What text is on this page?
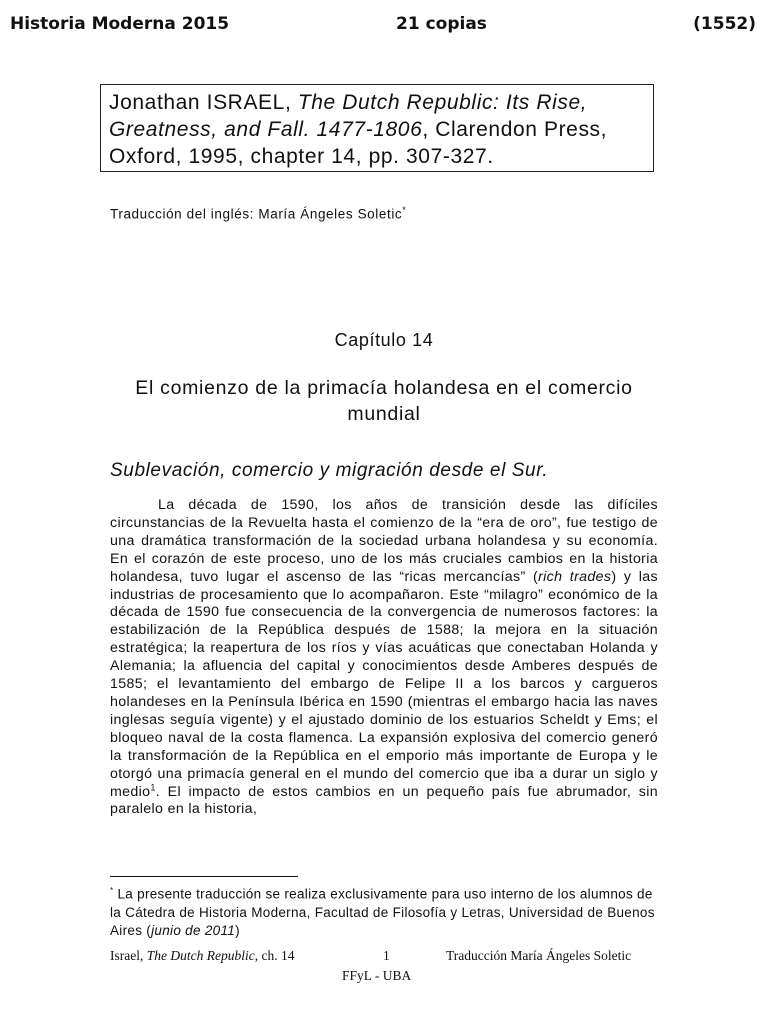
Historia Moderna 2015	21 copias	(1552)
Jonathan ISRAEL, The Dutch Republic: Its Rise, Greatness, and Fall. 1477-1806, Clarendon Press, Oxford, 1995, chapter 14, pp. 307-327.
Traducción del inglés: María Ángeles Soletic*
Capítulo 14
El comienzo de la primacía holandesa en el comercio mundial
Sublevación, comercio y migración desde el Sur.
La década de 1590, los años de transición desde las difíciles circunstancias de la Revuelta hasta el comienzo de la “era de oro”, fue testigo de una dramática transformación de la sociedad urbana holandesa y su economía. En el corazón de este proceso, uno de los más cruciales cambios en la historia holandesa, tuvo lugar el ascenso de las “ricas mercancías” (rich trades) y las industrias de procesamiento que lo acompañaron. Este “milagro” económico de la década de 1590 fue consecuencia de la convergencia de numerosos factores: la estabilización de la República después de 1588; la mejora en la situación estratégica; la reapertura de los ríos y vías acuáticas que conectaban Holanda y Alemania; la afluencia del capital y conocimientos desde Amberes después de 1585; el levantamiento del embargo de Felipe II a los barcos y cargueros holandeses en la Península Ibérica en 1590 (mientras el embargo hacia las naves inglesas seguía vigente) y el ajustado dominio de los estuarios Scheldt y Ems; el bloqueo naval de la costa flamenca. La expansión explosiva del comercio generó la transformación de la República en el emporio más importante de Europa y le otorgó una primacía general en el mundo del comercio que iba a durar un siglo y medio$^1$. El impacto de estos cambios en un pequeño país fue abrumador, sin paralelo en la historia,
* La presente traducción se realiza exclusivamente para uso interno de los alumnos de la Cátedra de Historia Moderna, Facultad de Filosofía y Letras, Universidad de Buenos Aires (junio de 2011)
Israel, The Dutch Republic, ch. 14	1	Traducción María Ángeles Soletic
FFyL - UBA
